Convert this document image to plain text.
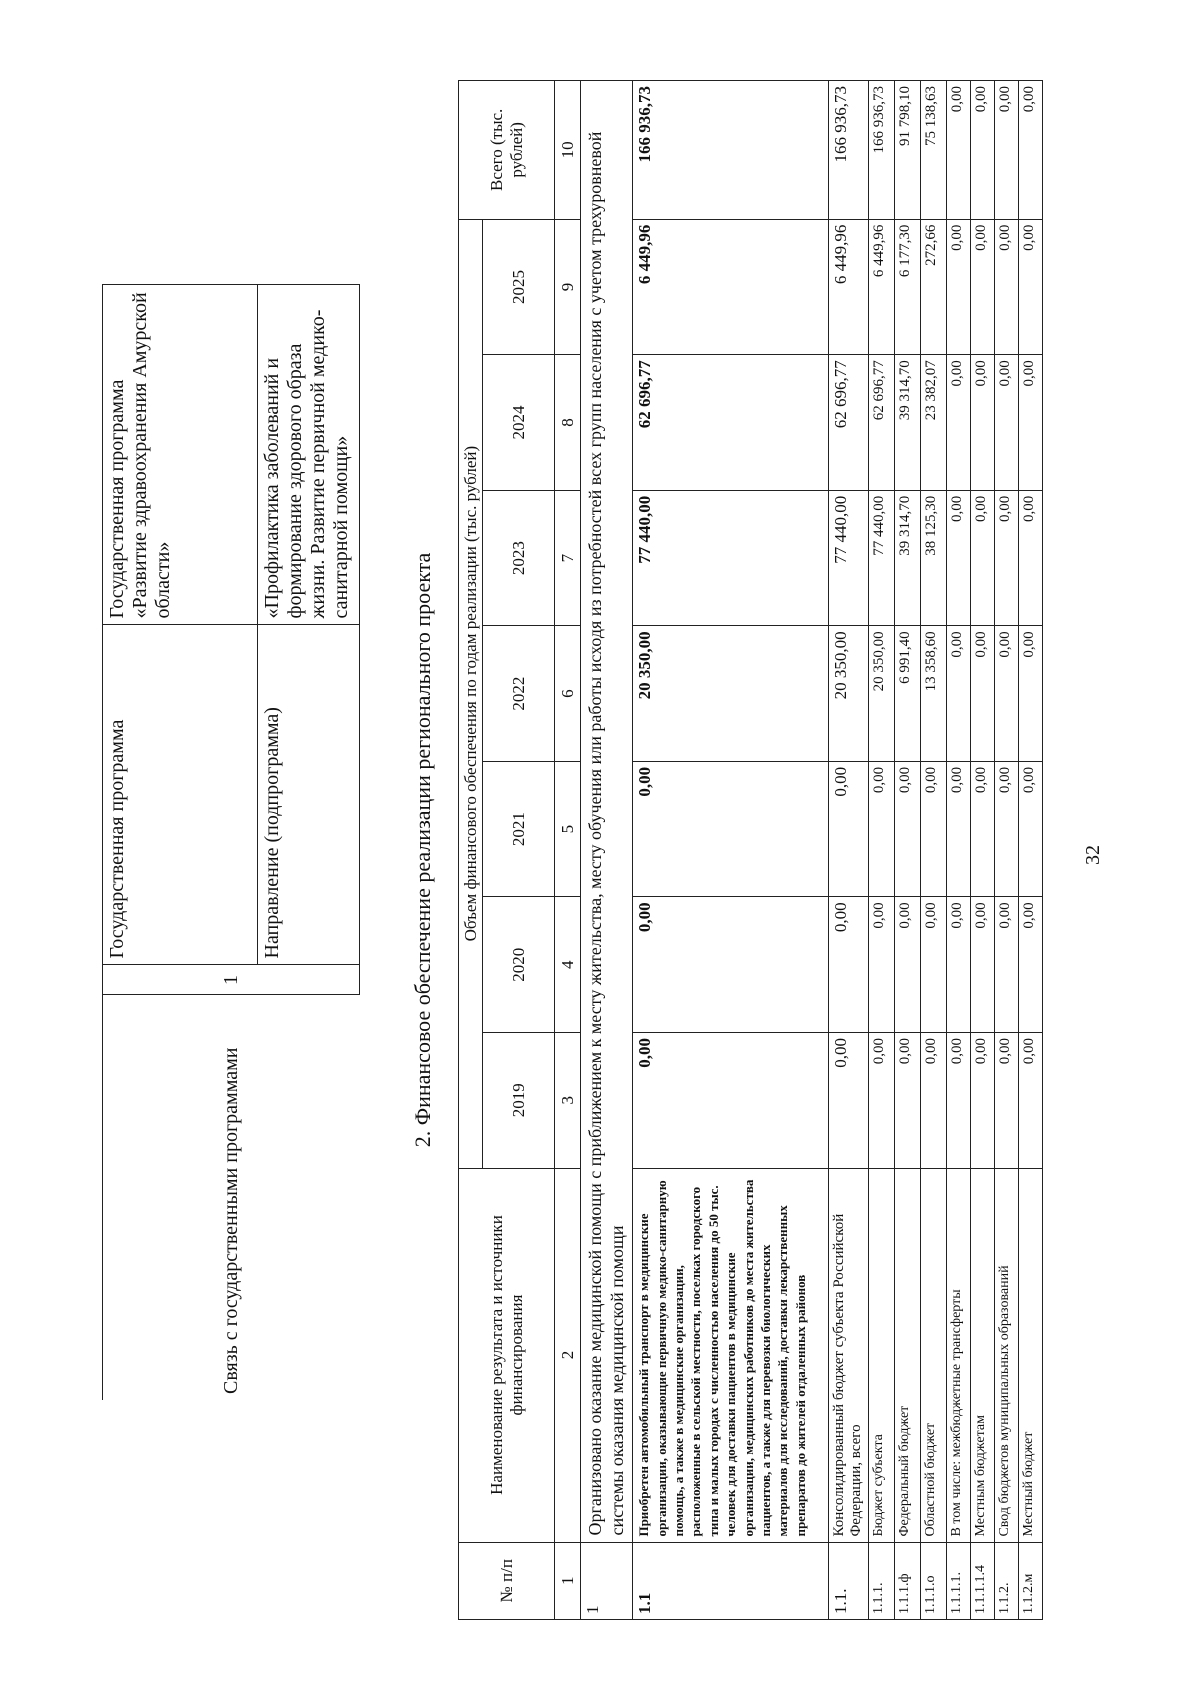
32
Связь с государственными программами	1	Государственная программа	Государственная программа «Развитие здравоохранения Амурской области»
		Направление (подпрограмма)	«Профилактика заболеваний и формирование здорового образа жизни. Развитие первичной медико-санитарной помощи»
2. Финансовое обеспечение реализации регионального проекта
№ п/п	Наименование результата и источники финансирования	Объем финансового обеспечения по годам реализации (тыс. рублей)							Всего (тыс. рублей)
		2019	2020	2021	2022	2023	2024	2025	
1	2	3	4	5	6	7	8	9	10
1	Организовано оказание медицинской помощи с приближением к месту жительства, месту обучения или работы исходя из потребностей всех групп населения с учетом трехуровневой системы оказания медицинской помощи								
1.1	Приобретен автомобильный транспорт в медицинские организации, оказывающие первичную медико-санитарную помощь, а также в медицинские организации, расположенные в сельской местности, поселках городского типа и малых городах с численностью населения до 50 тыс. человек для доставки пациентов в медицинские организации, медицинских работников до места жительства пациентов, а также для перевозки биологических материалов для исследований, доставки лекарственных препаратов до жителей отдаленных районов	0,00	0,00	0,00	20 350,00	77 440,00	62 696,77	6 449,96	166 936,73
1.1.	Консолидированный бюджет субъекта Российской Федерации, всего	0,00	0,00	0,00	20 350,00	77 440,00	62 696,77	6 449,96	166 936,73
1.1.1.	Бюджет субъекта	0,00	0,00	0,00	20 350,00	77 440,00	62 696,77	6 449,96	166 936,73
1.1.1.ф	Федеральный бюджет	0,00	0,00	0,00	6 991,40	39 314,70	39 314,70	6 177,30	91 798,10
1.1.1.о	Областной бюджет	0,00	0,00	0,00	13 358,60	38 125,30	23 382,07	272,66	75 138,63
1.1.1.1.	В том числе: межбюджетные трансферты	0,00	0,00	0,00	0,00	0,00	0,00	0,00	0,00
1.1.1.1.4	Местным бюджетам	0,00	0,00	0,00	0,00	0,00	0,00	0,00	0,00
1.1.2.	Свод бюджетов муниципальных образований	0,00	0,00	0,00	0,00	0,00	0,00	0,00	0,00
1.1.2.м	Местный бюджет	0,00	0,00	0,00	0,00	0,00	0,00	0,00	0,00
